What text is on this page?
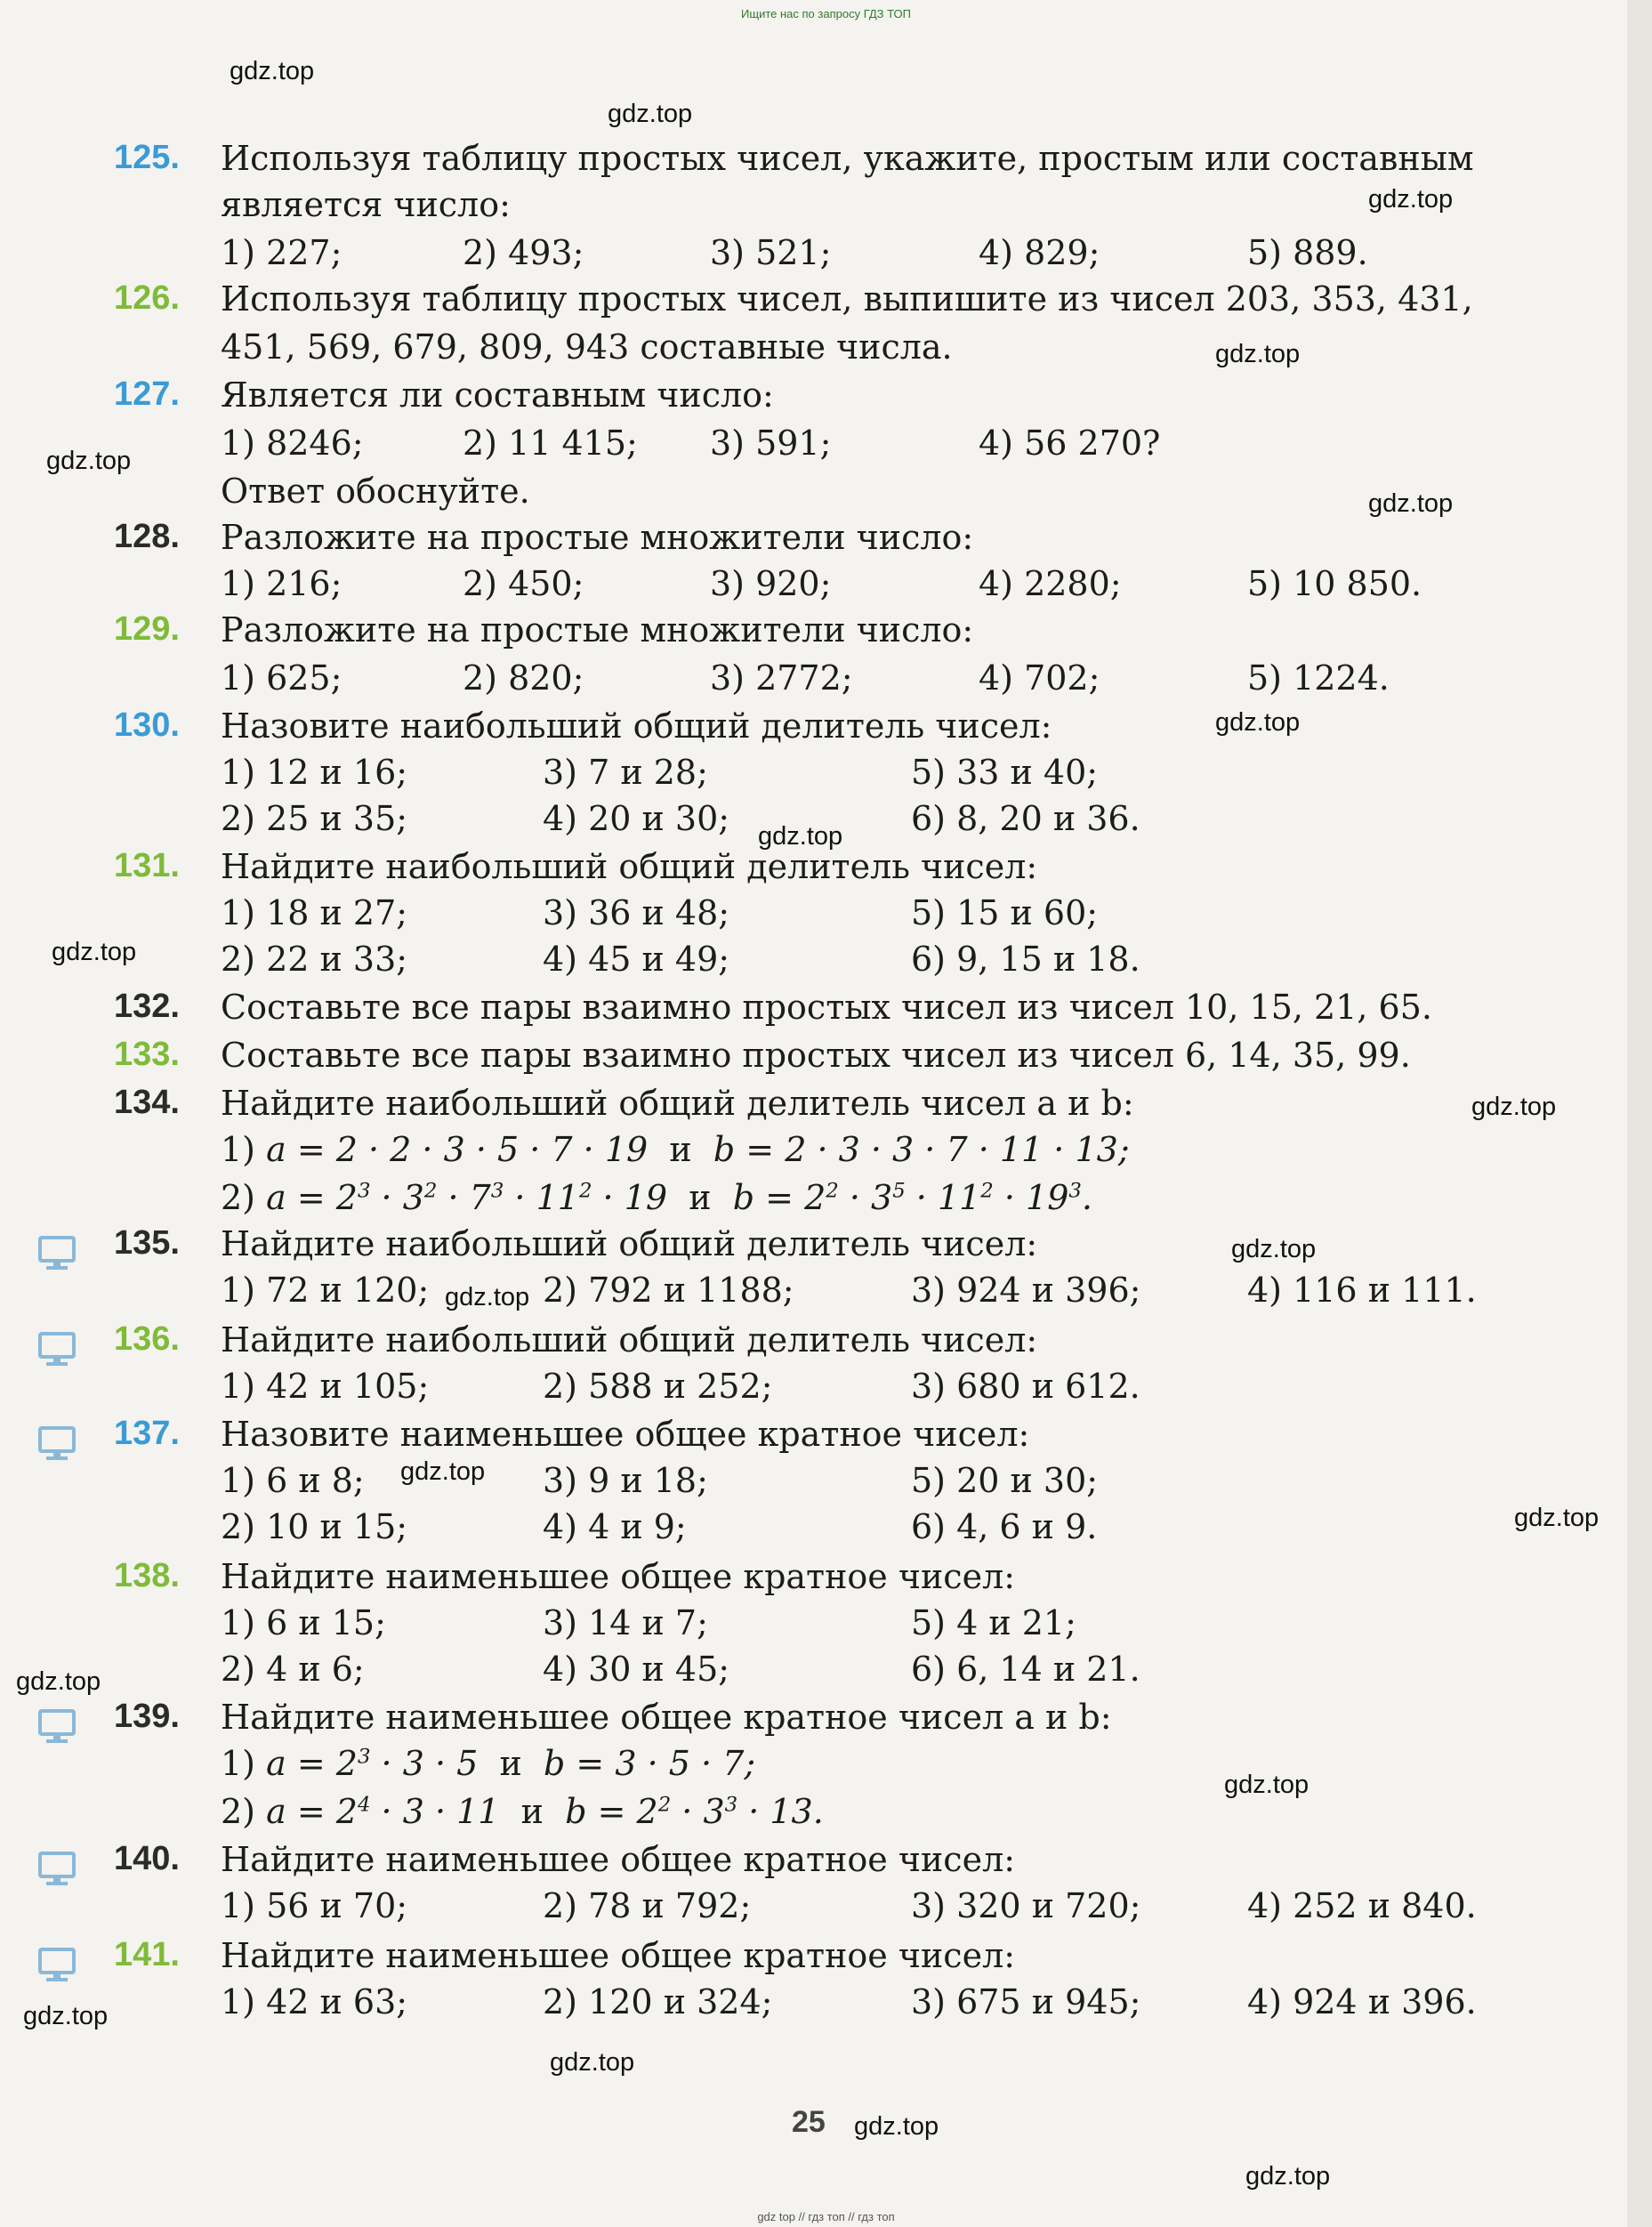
Ищите нас по запросу ГДЗ ТОП
gdz.top
gdz.top
gdz.top
gdz.top
gdz.top
gdz.top
gdz.top
gdz.top
gdz.top
gdz.top
gdz.top
gdz.top
gdz.top
gdz.top
gdz.top
gdz.top
gdz.top
gdz.top
gdz.top
gdz.top
125. Используя таблицу простых чисел, укажите, простым или составным
является число:
1) 227;	2) 493;	3) 521;	4) 829;	5) 889.
126. Используя таблицу простых чисел, выпишите из чисел 203, 353, 431,
451, 569, 679, 809, 943 составные числа.
127. Является ли составным число:
1) 8246;	2) 11 415; 3) 591;	4) 56 270?
Ответ обоснуйте.
128. Разложите на простые множители число:
1) 216;	2) 450;	3) 920;	4) 2280;	5) 10 850.
129. Разложите на простые множители число:
1) 625;	2) 820;	3) 2772;	4) 702;	5) 1224.
130. Назовите наибольший общий делитель чисел:
1) 12 и 16;	3) 7 и 28;	5) 33 и 40;
2) 25 и 35;	4) 20 и 30;	6) 8, 20 и 36.
131. Найдите наибольший общий делитель чисел:
1) 18 и 27;	3) 36 и 48;	5) 15 и 60;
2) 22 и 33;	4) 45 и 49;	6) 9, 15 и 18.
132. Составьте все пары взаимно простых чисел из чисел 10, 15, 21, 65.
133. Составьте все пары взаимно простых чисел из чисел 6, 14, 35, 99.
134. Найдите наибольший общий делитель чисел a и b:
1) a = 2 · 2 · 3 · 5 · 7 · 19 и b = 2 · 3 · 3 · 7 · 11 · 13;
2) $a = 2^3 \cdot 3^2 \cdot 7^3 \cdot 11^2 \cdot 19$ и $b = 2^2 \cdot 3^5 \cdot 11^2 \cdot 19^3$.
135. Найдите наибольший общий делитель чисел:
1) 72 и 120;	2) 792 и 1188;	3) 924 и 396;	4) 116 и 111.
136. Найдите наибольший общий делитель чисел:
1) 42 и 105;	2) 588 и 252;	3) 680 и 612.
137. Назовите наименьшее общее кратное чисел:
1) 6 и 8;	3) 9 и 18;	5) 20 и 30;
2) 10 и 15;	4) 4 и 9;	6) 4, 6 и 9.
138. Найдите наименьшее общее кратное чисел:
1) 6 и 15;	3) 14 и 7;	5) 4 и 21;
2) 4 и 6;	4) 30 и 45;	6) 6, 14 и 21.
139. Найдите наименьшее общее кратное чисел a и b:
1) $a = 2^3 \cdot 3 \cdot 5$ и b = 3 · 5 · 7;
2) $a = 2^4 \cdot 3 \cdot 11$ и $b = 2^2 \cdot 3^3 \cdot 13$.
140. Найдите наименьшее общее кратное чисел:
1) 56 и 70;	2) 78 и 792;	3) 320 и 720;	4) 252 и 840.
141. Найдите наименьшее общее кратное чисел:
1) 42 и 63;	2) 120 и 324;	3) 675 и 945;	4) 924 и 396.
25
gdz top // гдз топ // гдз топ
